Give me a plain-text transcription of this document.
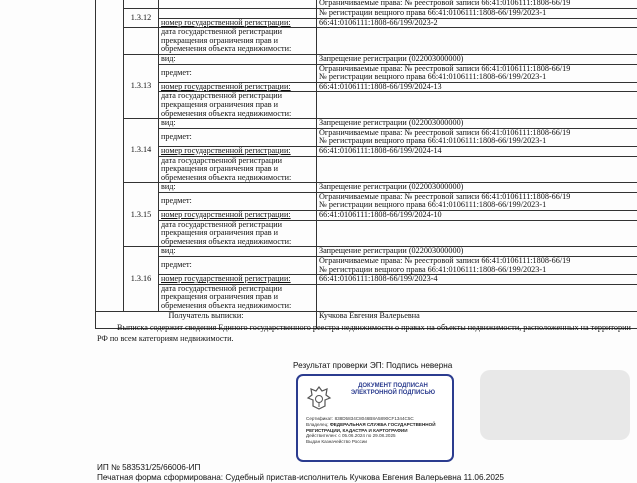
			Ограничиваемые права: № реестровой записи 66:41:0106111:1808-66/19
	1.3.12		№ регистрации вещного права 66:41:0106111:1808-66/199/2023-1
		номер государственной регистрации:	66:41:0106111:1808-66/199/2023-2
		дата государственной регистрации
прекращения ограничения прав и
обременения объекта недвижимости:	
	1.3.13	вид:	Запрещение регистрации (022003000000)
		предмет:	Ограничиваемые права: № реестровой записи 66:41:0106111:1808-66/19
№ регистрации вещного права 66:41:0106111:1808-66/199/2023-1
		номер государственной регистрации:	66:41:0106111:1808-66/199/2024-13
		дата государственной регистрации
прекращения ограничения прав и
обременения объекта недвижимости:	
	1.3.14	вид:	Запрещение регистрации (022003000000)
		предмет:	Ограничиваемые права: № реестровой записи 66:41:0106111:1808-66/19
№ регистрации вещного права 66:41:0106111:1808-66/199/2023-1
		номер государственной регистрации:	66:41:0106111:1808-66/199/2024-14
		дата государственной регистрации
прекращения ограничения прав и
обременения объекта недвижимости:	
	1.3.15	вид:	Запрещение регистрации (022003000000)
		предмет:	Ограничиваемые права: № реестровой записи 66:41:0106111:1808-66/19
№ регистрации вещного права 66:41:0106111:1808-66/199/2023-1
		номер государственной регистрации:	66:41:0106111:1808-66/199/2024-10
		дата государственной регистрации
прекращения ограничения прав и
обременения объекта недвижимости:	
	1.3.16	вид:	Запрещение регистрации (022003000000)
		предмет:	Ограничиваемые права: № реестровой записи 66:41:0106111:1808-66/19
№ регистрации вещного права 66:41:0106111:1808-66/199/2023-1
		номер государственной регистрации:	66:41:0106111:1808-66/199/2023-4
		дата государственной регистрации
прекращения ограничения прав и
обременения объекта недвижимости:	
Получатель выписки:			Кучкова Евгения Валерьевна
Выписка содержит сведения Единого государственного реестра недвижимости о правах на объекты недвижимости, расположенных на территории РФ по всем категориям недвижимости.
Результат проверки ЭП: Подпись неверна
ДОКУМЕНТ ПОДПИСАН
ЭЛЕКТРОННОЙ ПОДПИСЬЮ
Сертификат: 838D5834C8046B8A5890CF1344C5C
Владелец: ФЕДЕРАЛЬНАЯ СЛУЖБА ГОСУДАРСТВЕННОЙ
РЕГИСТРАЦИИ, КАДАСТРА И КАРТОГРАФИИ
Действителен: с 05.06.2024 по 29.08.2025
Выдан Казначейство России
ИП № 583531/25/66006-ИП
Печатная форма сформирована: Судебный пристав-исполнитель Кучкова Евгения Валерьевна 11.06.2025
